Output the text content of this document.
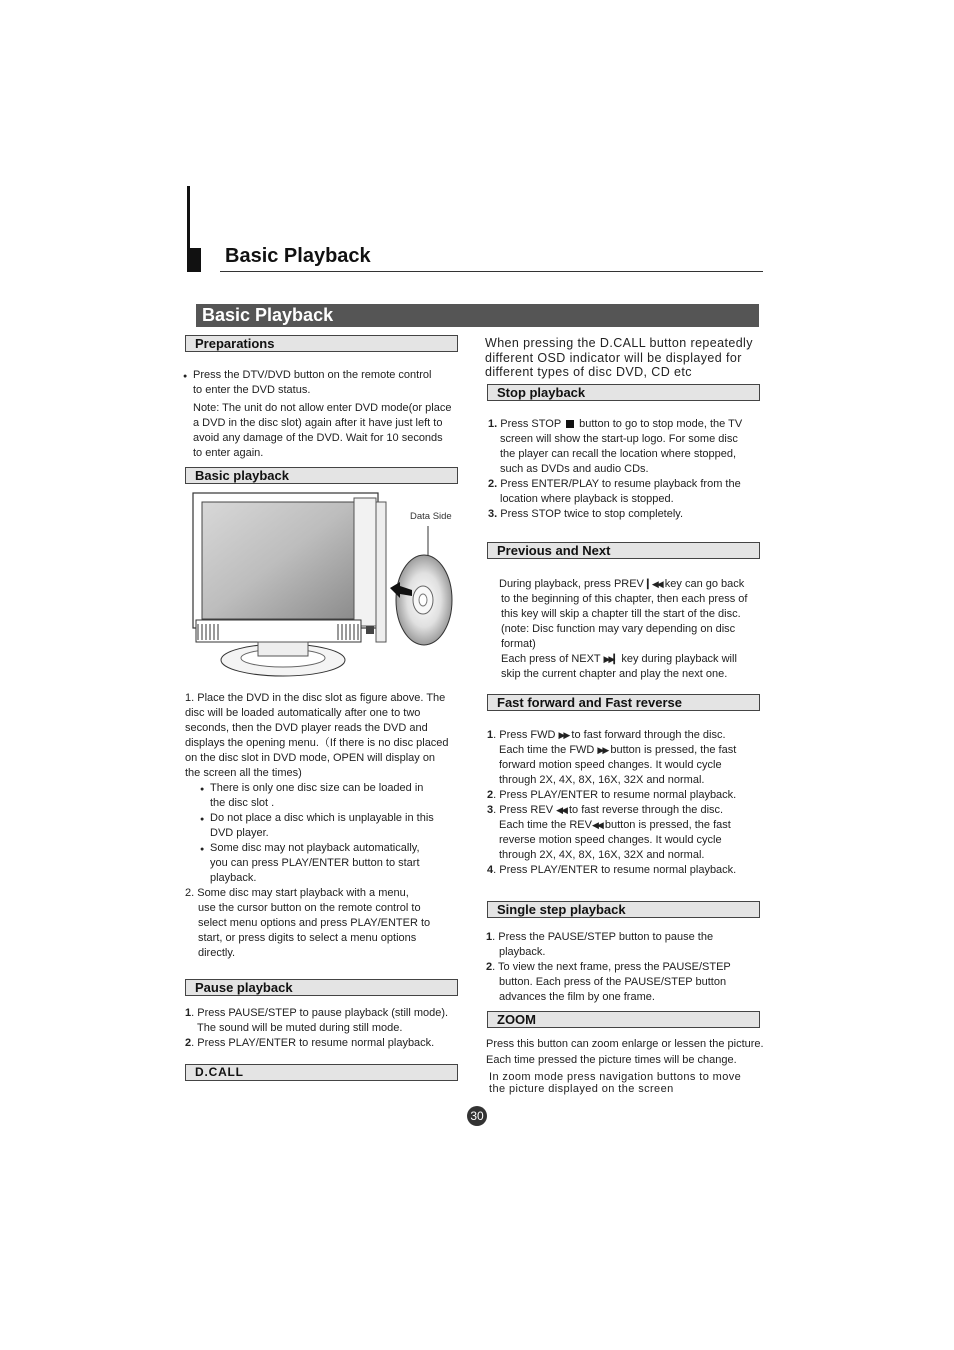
Basic Playback
Basic Playback
Preparations

● Press the DTV/DVD button on the remote control

to enter the DVD status.

Note: The unit do not allow enter DVD mode(or place

a DVD in the disc slot) again after it have just left to

avoid any damage of the DVD. Wait for 10 seconds

to enter again.

Basic playback
Data Side

1. Place the DVD in the disc slot as figure above. The

disc will be loaded automatically after one to two

seconds, then the DVD player reads the DVD and

displays the opening menu.（If there is no disc placed

on the disc slot in DVD mode, OPEN will display on

the screen all the times)

● There is only one disc size can be loaded in

the disc slot .

● Do not place a disc which is unplayable in this

DVD player.

● Some disc may not playback automatically,

you can press PLAY/ENTER button to start

playback.

2. Some disc may start playback with a menu,

use the cursor button on the remote control to

select menu options and press PLAY/ENTER to

start, or press digits to select a menu options

directly.

Pause playback

1. Press PAUSE/STEP to pause playback (still mode).

The sound will be muted during still mode.

2. Press PLAY/ENTER to resume normal playback.

D.CALL

When pressing the D.CALL button repeatedly

different OSD indicator will be displayed for

different types of disc DVD, CD etc

Stop playback

1. Press STOP  button to go to stop mode, the TV

screen will show the start-up logo. For some disc

the player can recall the location where stopped,

such as DVDs and audio CDs.

2. Press ENTER/PLAY to resume playback from the

location where playback is stopped.

3. Press STOP twice to stop completely.

Previous and Next

During playback, press PREV ▎◀◀ key can go back

to the beginning of this chapter, then each press of

this key will skip a chapter till the start of the disc.

(note: Disc function may vary depending on disc

format)

Each press of NEXT ▶▶▎ key during playback will

skip the current chapter and play the next one.

Fast forward and Fast reverse

1. Press FWD ▶▶ to fast forward through the disc.

Each time the FWD ▶▶ button is pressed, the fast

forward motion speed changes. It would cycle

through 2X, 4X, 8X, 16X, 32X and normal.

2. Press PLAY/ENTER to resume normal playback.

3. Press REV ◀◀ to fast reverse through the disc.

Each time the REV◀◀ button is pressed, the fast

reverse motion speed changes. It would cycle

through 2X, 4X, 8X, 16X, 32X and normal.

4. Press PLAY/ENTER to resume normal playback.

Single step playback

1. Press the PAUSE/STEP button to pause the

playback.

2. To view the next frame, press the PAUSE/STEP

button. Each press of the PAUSE/STEP button

advances the film by one frame.

ZOOM

Press this button can zoom enlarge or lessen the picture.

Each time pressed the picture times will be change.

In zoom mode press navigation buttons to move

the picture displayed on the screen

30
